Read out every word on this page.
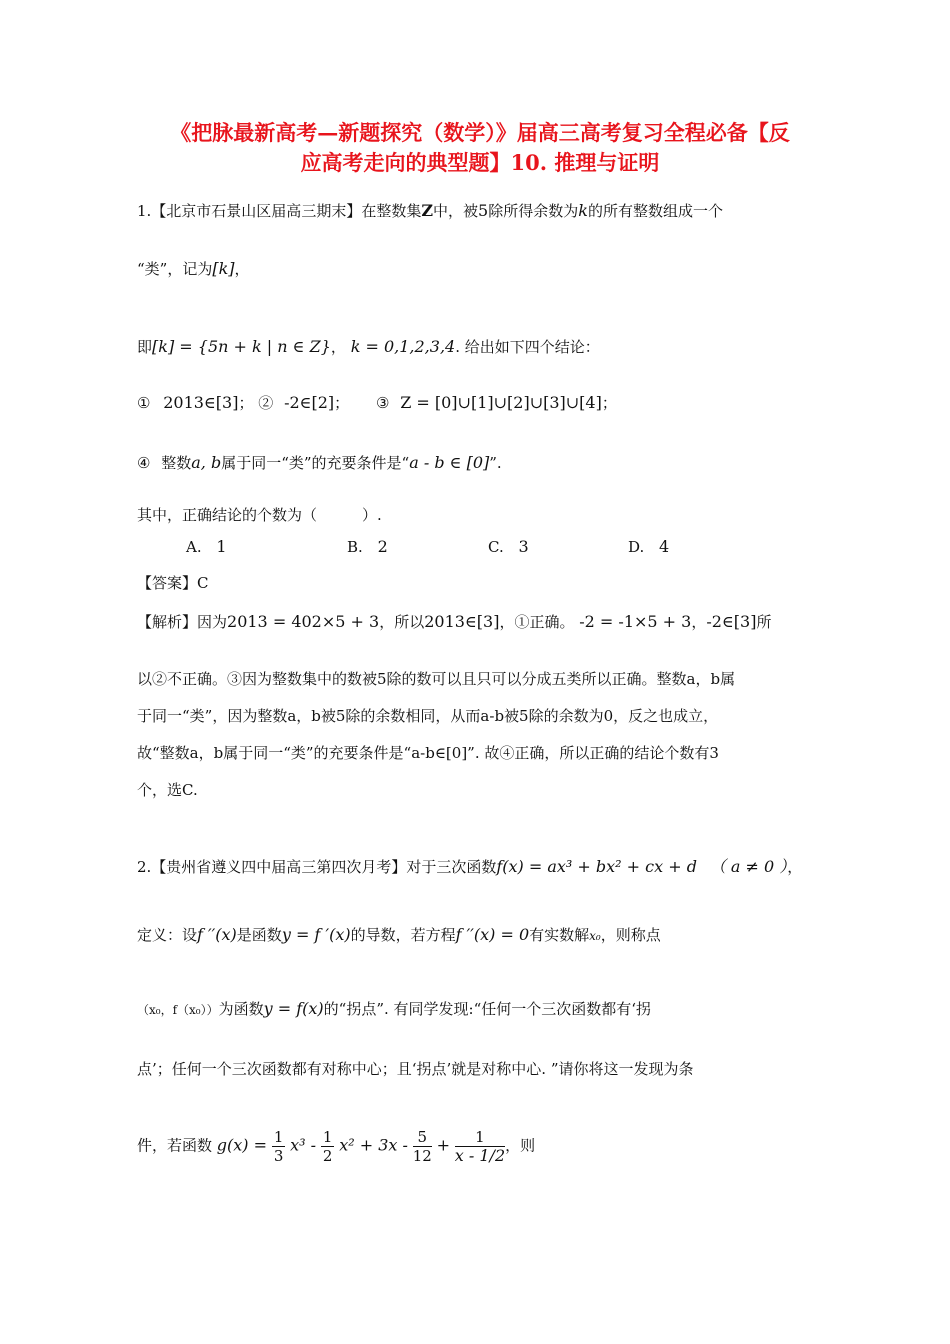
《把脉最新高考—新题探究（数学）》届高三高考复习全程必备【反
应高考走向的典型题】10. 推理与证明
1.【北京市石景山区届高三期末】在整数集Z中，被5除所得余数为k的所有整数组成一个
“类”，记为[k]，
即[k] = {5n + k | n ∈ Z}， k = 0,1,2,3,4. 给出如下四个结论：
① 2013∈[3]； ② -2∈[2]； ③ Z = [0]∪[1]∪[2]∪[3]∪[4]；
④ 整数a, b属于同一“类”的充要条件是“a - b ∈ [0]”.
其中，正确结论的个数为（　　　）.
A. 1	B. 2	C. 3	D. 4
【答案】C
【解析】因为2013 = 402×5 + 3，所以2013∈[3]，①正确。 -2 = -1×5 + 3，-2∈[3]所
以②不正确。③因为整数集中的数被5除的数可以且只可以分成五类所以正确。整数a，b属
于同一“类”，因为整数a，b被5除的余数相同，从而a-b被5除的余数为0，反之也成立，
故“整数a，b属于同一“类”的充要条件是“a-b∈[0]”. 故④正确，所以正确的结论个数有3
个，选C.
2.【贵州省遵义四中届高三第四次月考】对于三次函数f(x) = ax³ + bx² + cx + d （ a ≠ 0 ），
定义：设f ′′(x)是函数y = f ′(x)的导数，若方程f ′′(x) = 0有实数解x₀，则称点
（x₀，f（x₀））为函数y = f(x)的“拐点”. 有同学发现:“任何一个三次函数都有‘拐
点’；任何一个三次函数都有对称中心；且‘拐点’就是对称中心. ”请你将这一发现为条
件，若函数 $g(x) = \frac{1}{3} x^3 - \frac{1}{2} x^2 + 3x - \frac{5}{12} + \frac{1}{x - 1/2}$ ，则
